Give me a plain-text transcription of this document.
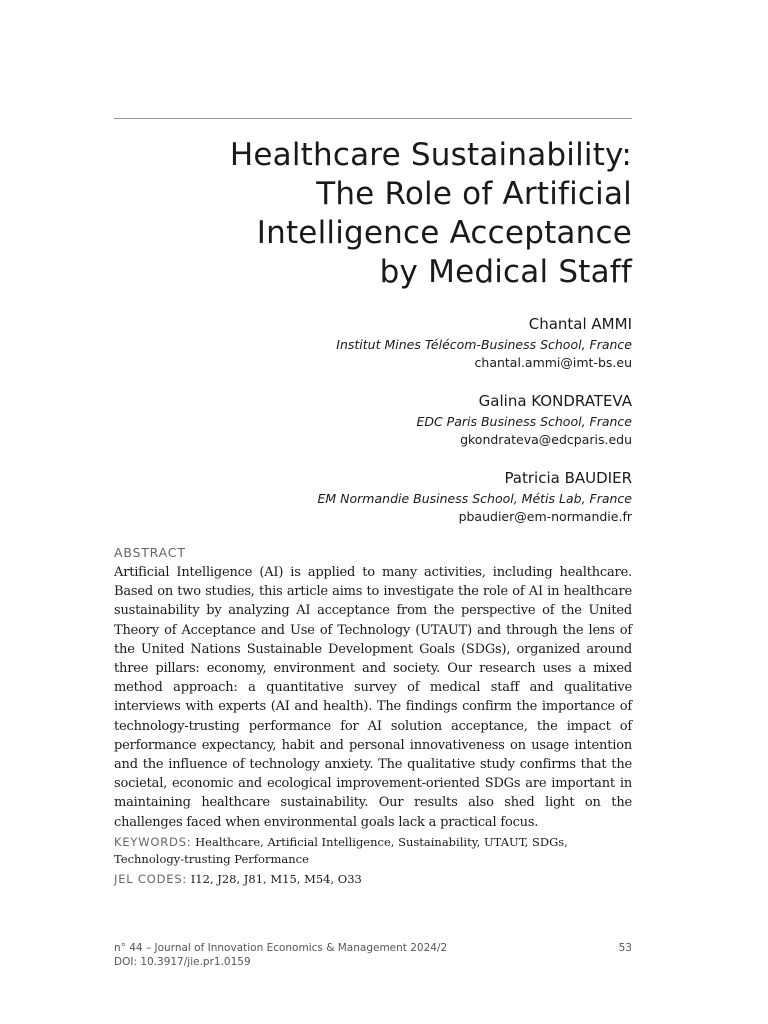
Healthcare Sustainability:
The Role of Artificial
Intelligence Acceptance
by Medical Staff
Chantal AMMI
Institut Mines Télécom-Business School, France
chantal.ammi@imt-bs.eu
Galina KONDRATEVA
EDC Paris Business School, France
gkondrateva@edcparis.edu
Patricia BAUDIER
EM Normandie Business School, Métis Lab, France
pbaudier@em-normandie.fr
ABSTRACT

Artificial Intelligence (AI) is applied to many activities, including healthcare. Based on two studies, this article aims to investigate the role of AI in healthcare sustainability by analyzing AI acceptance from the perspective of the United Theory of Acceptance and Use of Technology (UTAUT) and through the lens of the United Nations Sustainable Development Goals (SDGs), organized around three pillars: economy, environment and society. Our research uses a mixed method approach: a quantitative survey of medical staff and qualitative interviews with experts (AI and health). The findings confirm the importance of technology-trusting performance for AI solution acceptance, the impact of performance expectancy, habit and personal innovativeness on usage intention and the influence of technology anxiety. The qualitative study confirms that the societal, economic and ecological improvement-oriented SDGs are important in maintaining healthcare sustainability. Our results also shed light on the challenges faced when environmental goals lack a practical focus.

KEYWORDS: Healthcare, Artificial Intelligence, Sustainability, UTAUT, SDGs, Technology-trusting Performance
JEL CODES: I12, J28, J81, M15, M54, O33
n° 44 – Journal of Innovation Economics & Management 2024/2
DOI: 10.3917/jie.pr1.0159
53
